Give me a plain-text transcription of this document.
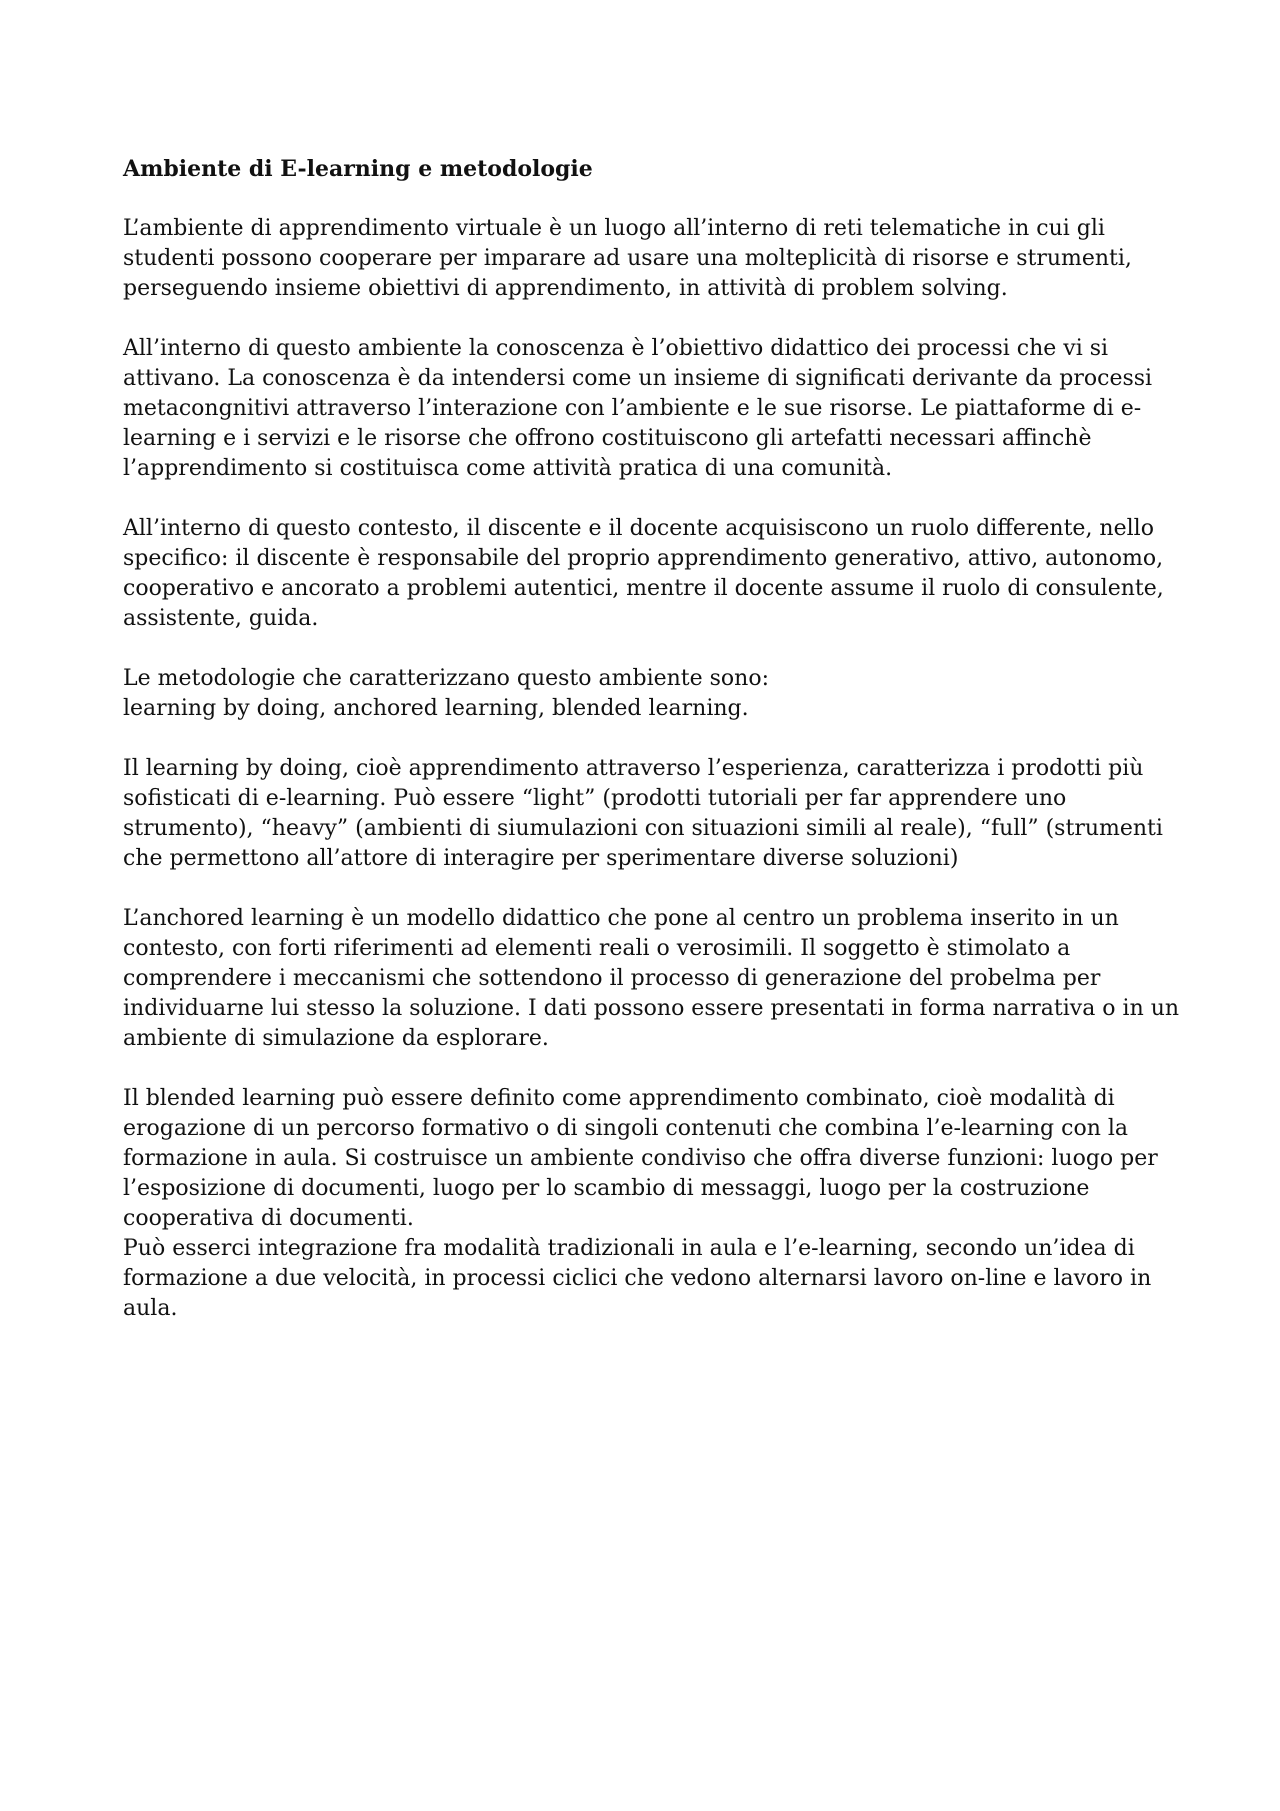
Ambiente di E-learning e metodologie
L’ambiente di apprendimento virtuale è un luogo all’interno di reti telematiche in cui gli
studenti possono cooperare per imparare ad usare una molteplicità di risorse e strumenti,
perseguendo insieme obiettivi di apprendimento, in attività di problem solving.
All’interno di questo ambiente la conoscenza è l’obiettivo didattico dei processi che vi si
attivano. La conoscenza è da intendersi come un insieme di significati derivante da processi
metacongnitivi attraverso l’interazione con l’ambiente e le sue risorse. Le piattaforme di e-
learning e i servizi e le risorse che offrono costituiscono gli artefatti necessari affinchè
l’apprendimento si costituisca come attività pratica di una comunità.
All’interno di questo contesto, il discente e il docente acquisiscono un ruolo differente, nello
specifico: il discente è responsabile del proprio apprendimento generativo, attivo, autonomo,
cooperativo e ancorato a problemi autentici, mentre il docente assume il ruolo di consulente,
assistente, guida.
Le metodologie che caratterizzano questo ambiente sono:
learning by doing, anchored learning, blended learning.
Il learning by doing, cioè apprendimento attraverso l’esperienza, caratterizza i prodotti più
sofisticati di e-learning. Può essere “light” (prodotti tutoriali per far apprendere uno
strumento), “heavy” (ambienti di siumulazioni con situazioni simili al reale), “full” (strumenti
che permettono all’attore di interagire per sperimentare diverse soluzioni)
L’anchored learning è un modello didattico che pone al centro un problema inserito in un
contesto, con forti riferimenti ad elementi reali o verosimili. Il soggetto è stimolato a
comprendere i meccanismi che sottendono il processo di generazione del probelma per
individuarne lui stesso la soluzione. I dati possono essere presentati in forma narrativa o in un
ambiente di simulazione da esplorare.
Il blended learning può essere definito come apprendimento combinato, cioè modalità di
erogazione di un percorso formativo o di singoli contenuti che combina l’e-learning con la
formazione in aula. Si costruisce un ambiente condiviso che offra diverse funzioni: luogo per
l’esposizione di documenti, luogo per lo scambio di messaggi, luogo per la costruzione
cooperativa di documenti.
Può esserci integrazione fra modalità tradizionali in aula e l’e-learning, secondo un’idea di
formazione a due velocità, in processi ciclici che vedono alternarsi lavoro on-line e lavoro in
aula.
